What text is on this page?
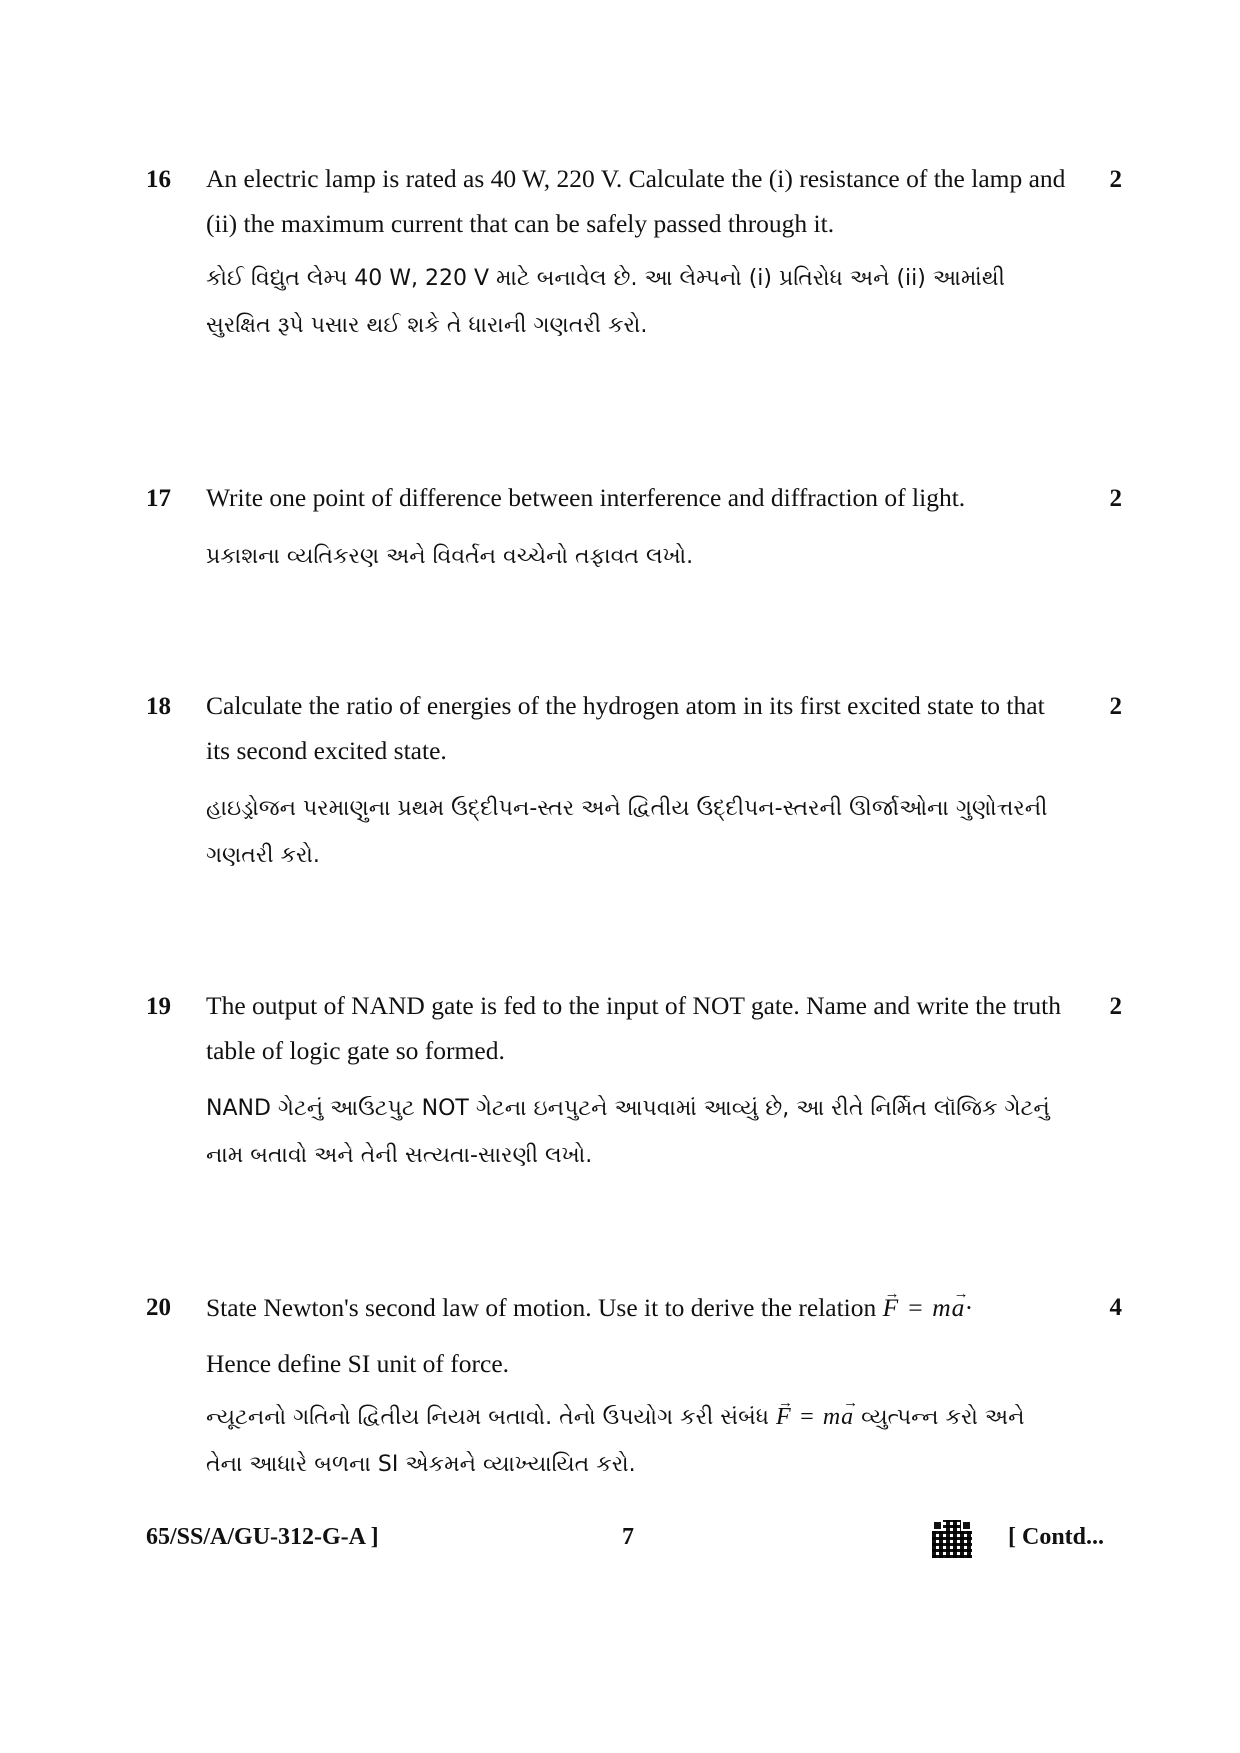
16 An electric lamp is rated as 40 W, 220 V. Calculate the (i) resistance of the lamp and (ii) the maximum current that can be safely passed through it.
2
કોઈ વિદ્યુત લેમ્પ 40 W, 220 V માટે બનાવેલ છે. આ લેમ્પનો (i) પ્રતિરોધ અને (ii) આમાંથી સુરક્ષિત રૂપે પસાર થઈ શકે તે ધારાની ગણતરી કરો.
17 Write one point of difference between interference and diffraction of light.	2
પ્રકાશના વ્યતિકરણ અને વિવર્તન વચ્ચેનો તફાવત લખો.
18 Calculate the ratio of energies of the hydrogen atom in its first excited state to that its second excited state.
2
હાઇડ્રોજન પરમાણુના પ્રથમ ઉદ્દીપન-સ્તર અને દ્વિતીય ઉદ્દીપન-સ્તરની ઊર્જાઓના ગુણોત્તરની ગણતરી કરો.
19 The output of NAND gate is fed to the input of NOT gate. Name and write the truth table of logic gate so formed.
2
NAND ગેટનું આઉટપુટ NOT ગેટના ઇનપુટને આપવામાં આવ્યું છે, આ રીતે નિર્મિત લૉજિક ગેટનું નામ બતાવો અને તેની સત્યતા-સારણી લખો.
20 State Newton's second law of motion. Use it to derive the relation → F = m→ a·
Hence define SI unit of force.
4
ન્યૂટનનો ગતિનો દ્વિતીય નિયમ બતાવો. તેનો ઉપયોગ કરી સંબંધ → F = m→ a વ્યુત્પન્ન કરો અને તેના આધારે બળના SI એકમને વ્યાખ્યાયિત કરો.
65/SS/A/GU-312-G-A ]	7	[ Contd...
